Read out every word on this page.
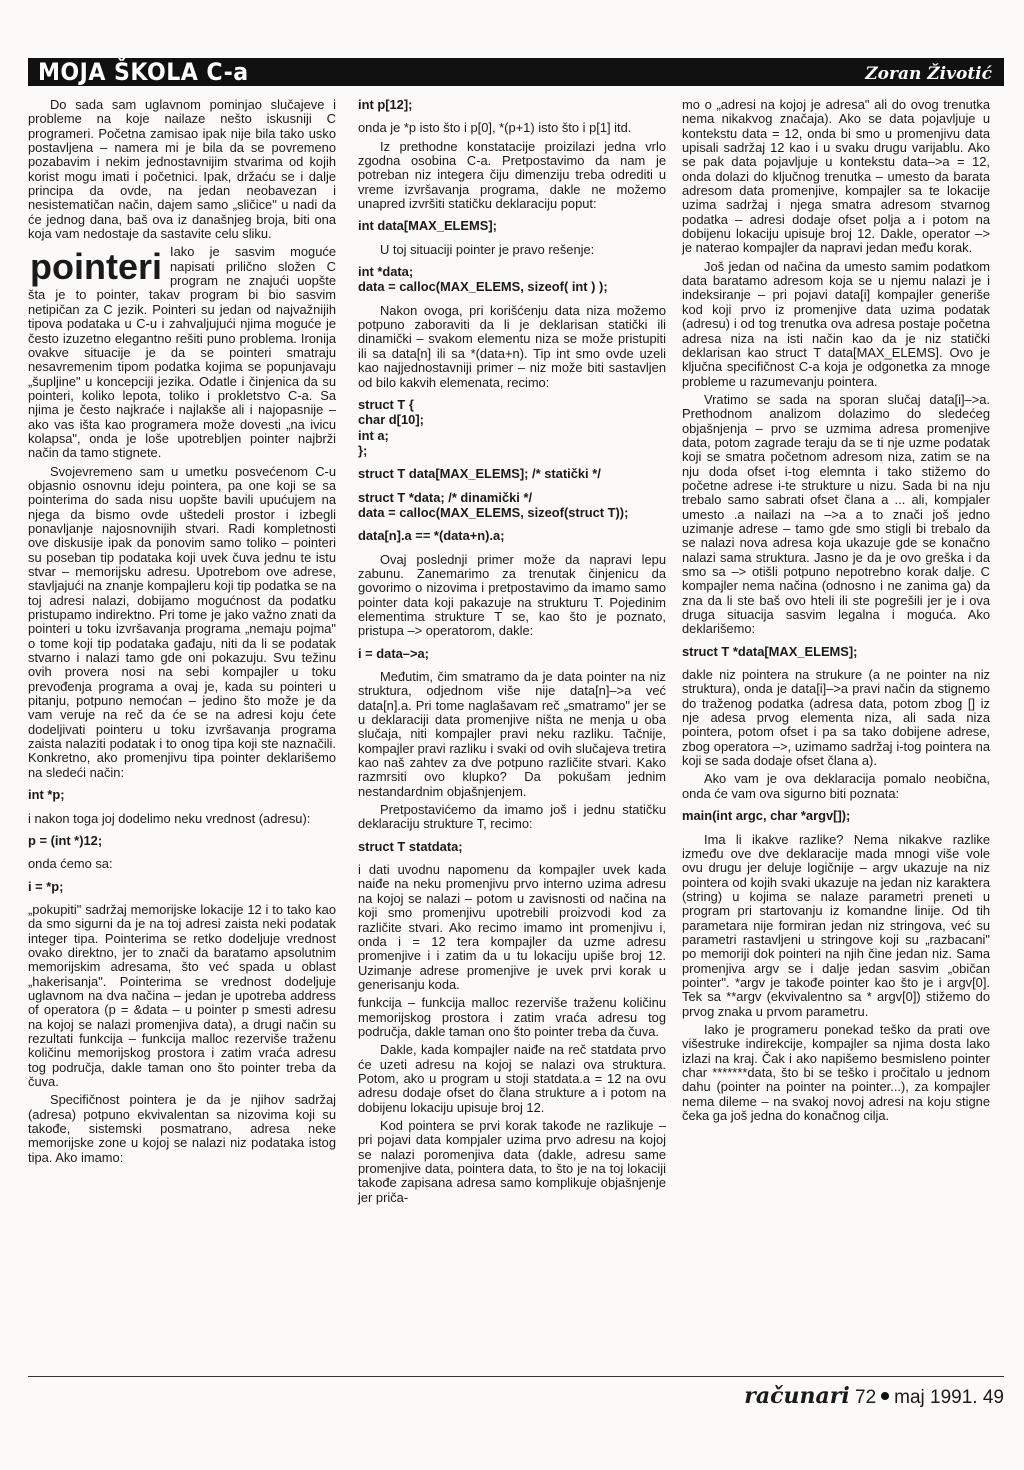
MOJA ŠKOLA C-a	Zoran Životić

Do sada sam uglavnom pominjao slučajeve i probleme na koje nailaze nešto iskusniji C programeri. Početna zamisao ipak nije bila tako usko postavljena – namera mi je bila da se povremeno pozabavim i nekim jednostavnijim stvarima od kojih korist mogu imati i početnici. Ipak, držaću se i dalje principa da ovde, na jedan neobavezan i nesistematičan način, dajem samo „sličice" u nadi da će jednog dana, baš ova iz današnjeg broja, biti ona koja vam nedostaje da sastavite celu sliku.

pointeri Iako je sasvim moguće napisati prilično složen C program ne znajući uopšte šta je to pointer, takav program bi bio sasvim netipičan za C jezik. Pointeri su jedan od najvažnijih tipova podataka u C-u i zahvaljujući njima moguće je često izuzetno elegantno rešiti puno problema. Ironija ovakve situacije je da se pointeri smatraju nesavremenim tipom podatka kojima se popunjavaju „šupljine" u koncepciji jezika. Odatle i činjenica da su pointeri, koliko lepota, toliko i prokletstvo C-a. Sa njima je često najkraće i najlakše ali i najopasnije – ako vas išta kao programera može dovesti „na ivicu kolapsa", onda je loše upotrebljen pointer najbrži način da tamo stignete.

Svojevremeno sam u umetku posvećenom C-u objasnio osnovnu ideju pointera, pa one koji se sa pointerima do sada nisu uopšte bavili upućujem na njega da bismo ovde uštedeli prostor i izbegli ponavljanje najosnovnijih stvari. Radi kompletnosti ove diskusije ipak da ponovim samo toliko – pointeri su poseban tip podataka koji uvek čuva jednu te istu stvar – memorijsku adresu. Upotrebom ove adrese, stavljajući na znanje kompajleru koji tip podatka se na toj adresi nalazi, dobijamo mogućnost da podatku pristupamo indirektno. Pri tome je jako važno znati da pointeri u toku izvršavanja programa „nemaju pojma" o tome koji tip podataka gađaju, niti da li se podatak stvarno i nalazi tamo gde oni pokazuju. Svu težinu ovih provera nosi na sebi kompajler u toku prevođenja programa a ovaj je, kada su pointeri u pitanju, potpuno nemoćan – jedino što može je da vam veruje na reč da će se na adresi koju ćete dodeljivati pointeru u toku izvršavanja programa zaista nalaziti podatak i to onog tipa koji ste naznačili. Konkretno, ako promenjivu tipa pointer deklarišemo na sledeći način:

int *p;

i nakon toga joj dodelimo neku vrednost (adresu):

p = (int *)12;

onda ćemo sa:

i = *p;

„pokupiti" sadržaj memorijske lokacije 12 i to tako kao da smo sigurni da je na toj adresi zaista neki podatak integer tipa. Pointerima se retko dodeljuje vrednost ovako direktno, jer to znači da baratamo apsolutnim memorijskim adresama, što već spada u oblast „hakerisanja". Pointerima se vrednost dodeljuje uglavnom na dva načina – jedan je upotreba address of operatora (p = &data – u pointer p smesti adresu na kojoj se nalazi promenjiva data), a drugi način su rezultati funkcija – funkcija malloc rezerviše traženu količinu memorijskog prostora i zatim vraća adresu tog područja, dakle taman ono što pointer treba da čuva.

Specifičnost pointera je da je njihov sadržaj (adresa) potpuno ekvivalentan sa nizovima koji su takođe, sistemski posmatrano, adresa neke memorijske zone u kojoj se nalazi niz podataka istog tipa. Ako imamo:

int p[12];

onda je *p isto što i p[0], *(p+1) isto što i p[1] itd.

Iz prethodne konstatacije proizilazi jedna vrlo zgodna osobina C-a. Pretpostavimo da nam je potreban niz integera čiju dimenziju treba odrediti u vreme izvršavanja programa, dakle ne možemo unapred izvršiti statičku deklaraciju poput:

int data[MAX_ELEMS];

U toj situaciji pointer je pravo rešenje:

int *data;

data = calloc(MAX_ELEMS, sizeof( int ) );

Nakon ovoga, pri korišćenju data niza možemo potpuno zaboraviti da li je deklarisan statički ili dinamički – svakom elementu niza se može pristupiti ili sa data[n] ili sa *(data+n). Tip int smo ovde uzeli kao najjednostavniji primer – niz može biti sastavljen od bilo kakvih elemenata, recimo:

struct T {

char d[10];

int a;

};

struct T data[MAX_ELEMS]; /* statički */

struct T *data; /* dinamički */

data = calloc(MAX_ELEMS, sizeof(struct T));

data[n].a == *(data+n).a;

Ovaj poslednji primer može da napravi lepu zabunu. Zanemarimo za trenutak činjenicu da govorimo o nizovima i pretpostavimo da imamo samo pointer data koji pakazuje na strukturu T. Pojedinim elementima strukture T se, kao što je poznato, pristupa –> operatorom, dakle:

i = data–>a;

Međutim, čim smatramo da je data pointer na niz struktura, odjednom više nije data[n]–>a već data[n].a. Pri tome naglašavam reč „smatramo" jer se u deklaraciji data promenjive ništa ne menja u oba slučaja, niti kompajler pravi neku razliku. Tačnije, kompajler pravi razliku i svaki od ovih slučajeva tretira kao naš zahtev za dve potpuno različite stvari. Kako razmrsiti ovo klupko? Da pokušam jednim nestandardnim objašnjenjem.

Pretpostavićemo da imamo još i jednu statičku deklaraciju strukture T, recimo:

struct T statdata;

i dati uvodnu napomenu da kompajler uvek kada naiđe na neku promenjivu prvo interno uzima adresu na kojoj se nalazi – potom u zavisnosti od načina na koji smo promenjivu upotrebili proizvodi kod za različite stvari. Ako recimo imamo int promenjivu i, onda i = 12 tera kompajler da uzme adresu promenjive i i zatim da u tu lokaciju upiše broj 12. Uzimanje adrese promenjive je uvek prvi korak u generisanju koda.

funkcija – funkcija malloc rezerviše traženu količinu memorijskog prostora i zatim vraća adresu tog područja, dakle taman ono što pointer treba da čuva.

Dakle, kada kompajler naiđe na reč statdata prvo će uzeti adresu na kojoj se nalazi ova struktura. Potom, ako u program u stoji statdata.a = 12 na ovu adresu dodaje ofset do člana strukture a i potom na dobijenu lokaciju upisuje broj 12.

Kod pointera se prvi korak takođe ne razlikuje – pri pojavi data kompjaler uzima prvo adresu na kojoj se nalazi poromenjiva data (dakle, adresu same promenjive data, pointera data, to što je na toj lokaciji takođe zapisana adresa samo komplikuje objašnjenje jer priča-

mo o „adresi na kojoj je adresa" ali do ovog trenutka nema nikakvog značaja). Ako se data pojavljuje u kontekstu data = 12, onda bi smo u promenjivu data upisali sadržaj 12 kao i u svaku drugu varijablu. Ako se pak data pojavljuje u kontekstu data–>a = 12, onda dolazi do ključnog trenutka – umesto da barata adresom data promenjive, kompajler sa te lokacije uzima sadržaj i njega smatra adresom stvarnog podatka – adresi dodaje ofset polja a i potom na dobijenu lokaciju upisuje broj 12. Dakle, operator –> je naterao kompajler da napravi jedan među korak.

Još jedan od načina da umesto samim podatkom data baratamo adresom koja se u njemu nalazi je i indeksiranje – pri pojavi data[i] kompajler generiše kod koji prvo iz promenjive data uzima podatak (adresu) i od tog trenutka ova adresa postaje početna adresa niza na isti način kao da je niz statički deklarisan kao struct T data[MAX_ELEMS]. Ovo je ključna specifičnost C-a koja je odgonetka za mnoge probleme u razumevanju pointera.

Vratimo se sada na sporan slučaj data[i]–>a. Prethodnom analizom dolazimo do sledećeg objašnjenja – prvo se uzmima adresa promenjive data, potom zagrade teraju da se ti nje uzme podatak koji se smatra početnom adresom niza, zatim se na nju doda ofset i-tog elemnta i tako stižemo do početne adrese i-te strukture u nizu. Sada bi na nju trebalo samo sabrati ofset člana a ... ali, kompjaler umesto .a nailazi na –>a a to znači još jedno uzimanje adrese – tamo gde smo stigli bi trebalo da se nalazi nova adresa koja ukazuje gde se konačno nalazi sama struktura. Jasno je da je ovo greška i da smo sa –> otišli potpuno nepotrebno korak dalje. C kompajler nema načina (odnosno i ne zanima ga) da zna da li ste baš ovo hteli ili ste pogrešili jer je i ova druga situacija sasvim legalna i moguća. Ako deklarišemo:

struct T *data[MAX_ELEMS];

dakle niz pointera na strukure (a ne pointer na niz struktura), onda je data[i]–>a pravi način da stignemo do traženog podatka (adresa data, potom zbog [] iz nje adesa prvog elementa niza, ali sada niza pointera, potom ofset i pa sa tako dobijene adrese, zbog operatora –>, uzimamo sadržaj i-tog pointera na koji se sada dodaje ofset člana a).

Ako vam je ova deklaracija pomalo neobična, onda će vam ova sigurno biti poznata:

main(int argc, char *argv[]);

Ima li ikakve razlike? Nema nikakve razlike između ove dve deklaracije mada mnogi više vole ovu drugu jer deluje logičnije – argv ukazuje na niz pointera od kojih svaki ukazuje na jedan niz karaktera (string) u kojima se nalaze parametri preneti u program pri startovanju iz komandne linije. Od tih parametara nije formiran jedan niz stringova, već su parametri rastavljeni u stringove koji su „razbacani" po memoriji dok pointeri na njih čine jedan niz. Sama promenjiva argv se i dalje jedan sasvim „običan pointer". *argv je takođe pointer kao što je i argv[0]. Tek sa **argv (ekvivalentno sa * argv[0]) stižemo do prvog znaka u prvom parametru.

Iako je programeru ponekad teško da prati ove višestruke indirekcije, kompajler sa njima dosta lako izlazi na kraj. Čak i ako napišemo besmisleno pointer char *******data, što bi se teško i pročitalo u jednom dahu (pointer na pointer na pointer...), za kompajler nema dileme – na svakoj novoj adresi na koju stigne čeka ga još jedna do konačnog cilja.

računari 72 maj 1991. 49
